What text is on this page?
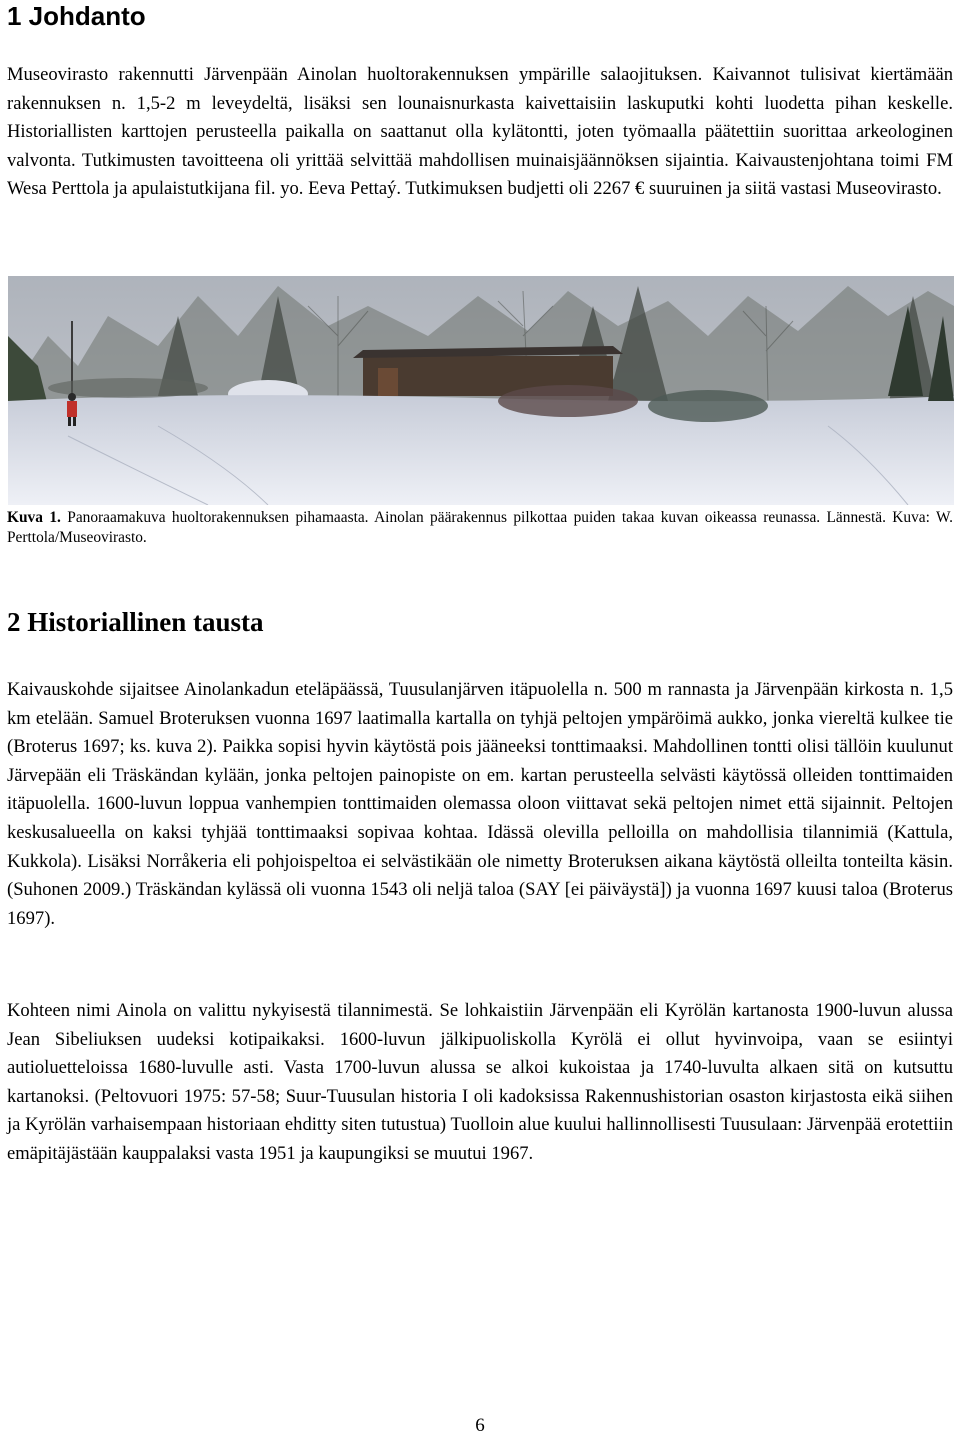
1 Johdanto

Museovirasto rakennutti Järvenpään Ainolan huoltorakennuksen ympärille salaojituksen. Kaivannot tulisivat kiertämään rakennuksen n. 1,5-2 m leveydeltä, lisäksi sen lounaisnurkasta kaivettaisiin laskuputki kohti luodetta pihan keskelle. Historiallisten karttojen perusteella paikalla on saattanut olla kylätontti, joten työmaalla päätettiin suorittaa arkeologinen valvonta. Tutkimusten tavoitteena oli yrittää selvittää mahdollisen muinaisjäännöksen sijaintia. Kaivaustenjohtana toimi FM Wesa Perttola ja apulaistutkijana fil. yo. Eeva Pettaý. Tutkimuksen budjetti oli 2267 € suuruinen ja siitä vastasi Museovirasto.

Kuva 1. Panoraamakuva huoltorakennuksen pihamaasta. Ainolan päärakennus pilkottaa puiden takaa kuvan oikeassa reunassa. Lännestä. Kuva: W. Perttola/Museovirasto.

2 Historiallinen tausta

Kaivauskohde sijaitsee Ainolankadun eteläpäässä, Tuusulanjärven itäpuolella n. 500 m rannasta ja Järvenpään kirkosta n. 1,5 km etelään. Samuel Broteruksen vuonna 1697 laatimalla kartalla on tyhjä peltojen ympäröimä aukko, jonka viereltä kulkee tie (Broterus 1697; ks. kuva 2). Paikka sopisi hyvin käytöstä pois jääneeksi tonttimaaksi. Mahdollinen tontti olisi tällöin kuulunut Järvepään eli Träskändan kylään, jonka peltojen painopiste on em. kartan perusteella selvästi käytössä olleiden tonttimaiden itäpuolella. 1600-luvun loppua vanhempien tonttimaiden olemassa oloon viittavat sekä peltojen nimet että sijainnit. Peltojen keskusalueella on kaksi tyhjää tonttimaaksi sopivaa kohtaa. Idässä olevilla pelloilla on mahdollisia tilannimiä (Kattula, Kukkola). Lisäksi Norråkeria eli pohjoispeltoa ei selvästikään ole nimetty Broteruksen aikana käytöstä olleilta tonteilta käsin. (Suhonen 2009.) Träskändan kylässä oli vuonna 1543 oli neljä taloa (SAY [ei päiväystä]) ja vuonna 1697 kuusi taloa (Broterus 1697).

Kohteen nimi Ainola on valittu nykyisestä tilannimestä. Se lohkaistiin Järvenpään eli Kyrölän kartanosta 1900-luvun alussa Jean Sibeliuksen uudeksi kotipaikaksi. 1600-luvun jälkipuoliskolla Kyrölä ei ollut hyvinvoipa, vaan se esiintyi autioluetteloissa 1680-luvulle asti. Vasta 1700-luvun alussa se alkoi kukoistaa ja 1740-luvulta alkaen sitä on kutsuttu kartanoksi. (Peltovuori 1975: 57-58; Suur-Tuusulan historia I oli kadoksissa Rakennushistorian osaston kirjastosta eikä siihen ja Kyrölän varhaisempaan historiaan ehditty siten tutustua) Tuolloin alue kuului hallinnollisesti Tuusulaan: Järvenpää erotettiin emäpitäjästään kauppalaksi vasta 1951 ja kaupungiksi se muutui 1967.

6
